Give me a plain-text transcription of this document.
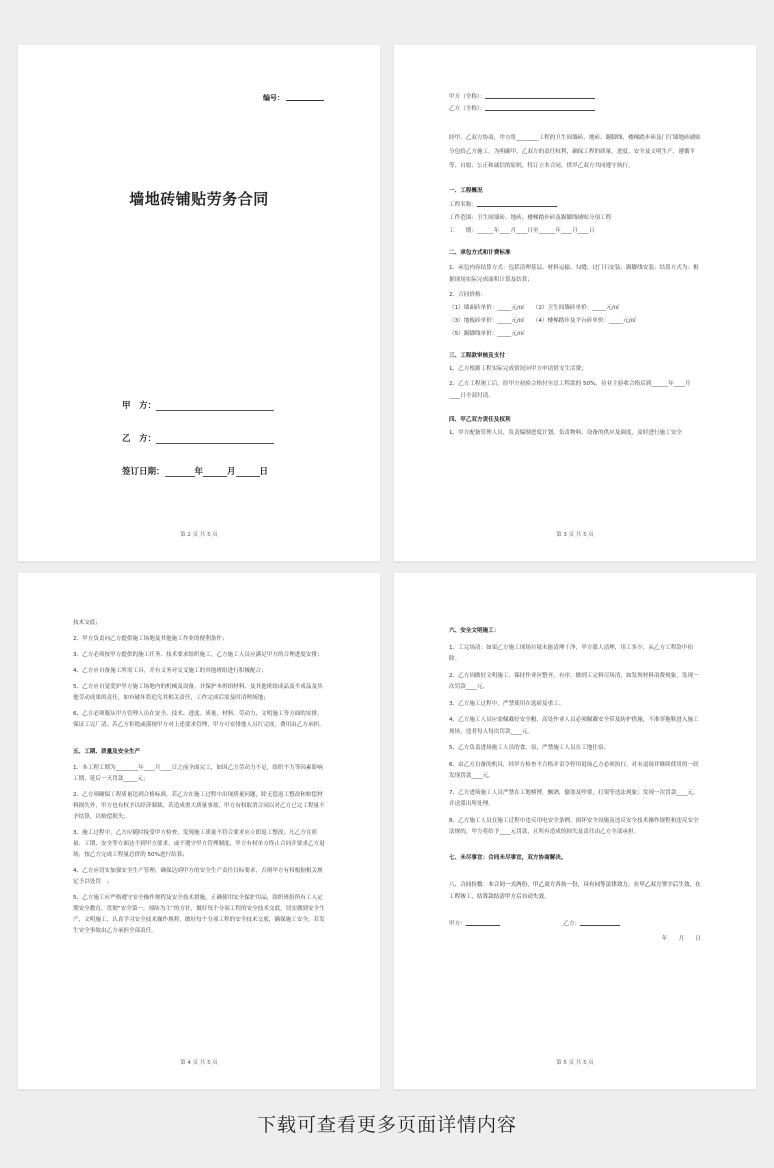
编号：
墙地砖铺贴劳务合同
甲　方：
乙　方：
签订日期：	年	月	日
第 2 页 共 5 页

甲方（全称）：

乙方（全称）：

经甲、乙双方协商，甲方将________工程的卫生间墙砖、地砖、踢脚线、楼梯踏步砖及门厅墙地砖铺贴分包给乙方施工，为明确甲、乙双方的责任权利，确保工程的质量、进度、安全及文明生产，遵循平等、自愿、公正和诚信的原则，特订立本合同，供甲乙双方共同遵守执行。

一、工程概况

工程名称：

工作范围：卫生间墙砖、地砖、楼梯踏步砖及踢脚线铺贴分项工程

工　　期：______年____月____日至______年____月____日

二、承包方式和计费标准

1、承包内容结算方式：包括清理基层、材料运输、勾缝、过门石安装、踢脚线安装；结算方式为：根据现场实际完成面积计算及结算；

2、合同价格：

（1）墙面砖单价：_____元/㎡　　（2）卫生间墙砖单价：_____元/㎡

（3）地板砖单价：_____元/㎡　　（4）楼梯踏步及平台砖单价：_____元/㎡

（5）踢脚线单价：_____元/㎡

三、工程款审核及支付

1、乙方根据工程实际完成情况向甲方申请借支生活费；

2、乙方工程竣工后，经甲方初验合格付至总工程款的 50%，待业主验收合格后到______年____月____日全部付清。

四、甲乙双方责任及权利

1、甲方配备管理人员，负责编制进度计划、负责物料、设备的供应及调度，及时进行施工安全

第 3 页 共 5 页

技术交底；

2、甲方负责向乙方提供施工场地及其他施工作业的便利条件；

3、乙方必须按甲方提供的施工任务、技术要求组织施工，乙方施工人员应满足甲方的合理进度安排；

4、乙方应自备施工所需工具，并有义务对交叉施工的其他班组进行积极配合；

5、乙方应自觉爱护甲方施工场地内的机械及设备，并保护本班组材料、及其他班组成品及半成品及其他劳动成果的责任，如有破坏将追究其相关责任，工作完成后需及时清理场地；

6、乙方必须服从甲方管理人员在安全、技术、进度、质量、材料、劳动力、文明施工等方面的安排，保证工完厂清；若乙方拒绝或漠视甲方对上述要求管理，甲方可安排他人另行完成，费用由乙方承担。

五、工期、质量及安全生产

1、本工程工期为________年____月____日之前全面完工，如因乙方劳动力不足，组织不力等因素影响工期，延后一天罚款_____元；

2、乙方须确保工程质量达到合格标准，若乙方在施工过程中出现质量问题，除无偿返工整改和赔偿材料损失外，甲方也有权予以经济制裁，若造成重大质量事故，甲方有权取消合同以对乙方已完工程量不予结算，以赔偿损失；

3、施工过程中，乙方应随时接受甲方检查，发现施工质量不符合要求应立即返工整改，凡乙方在质量、工期、安全等方面达不到甲方要求，或不遵守甲方管理制度，甲方有权单方终止合同并要求乙方退场，按乙方完成工程量总价的 50%进行结算；

4、乙方应切实加强安全生产管理，确保达到甲方的安全生产责任目标要求，否则甲方有权根据相关规定予以处罚　；

5、乙方施工应严格遵守安全操作规程及安全技术措施，正确使用安全保护用品，组织班组所有工人定期安全教育，贯彻“安全第一，预防为主”的方针，做好每个分项工程的安全技术交底，切实做到安全生产，文明施工，认真学习安全技术操作规程，做好每个分项工程的安全技术交底，确保施工安全，若发生安全事故由乙方承担全部责任。

第 4 页 共 5 页

六、安全文明施工：

1、工完场清：如果乙方施工现场垃圾未能清理干净，甲方派人清理，用工多少，从乙方工程款中扣除。

2、乙方因做好文明施工，保持作业区整齐，有序，做到工完料尽场清，如发现材料浪费现象，发现一次罚款____元。

3、乙方施工过程中，严禁使用在选砖及重工。

4、乙方施工人员应需佩戴好安全帽，高处作业人员必须佩戴安全带及防护措施，不准穿拖鞋进入施工现场，违者每人每次罚款____元。

5、乙方负责进场施工人员的食，宿，严禁施工人员在工地住宿。

6、由乙方自备的机具，经甲方检查不合格并责令停用退场乙方必须执行，对未退场并继续使用的一经发现罚款____元。

7、乙方进场施工人员严禁在工地赌博，酗酒，偷盗及吵架，打架等违法现象；发现一次罚款____元，并送派出所处理。

8、乙方施工人员在施工过程中违反用电安全条例、损坏安全设施及违反安全技术操作规程和违反安全法规的，甲方将给予____元罚款，且所有造成的损失及责任由乙方全部承担。

七、未尽事宜：合同未尽事宜，双方协商解决。

八、合同份数：本合同一式两份，甲乙双方各执一份，具有同等法律效力，在甲乙双方签字后生效，在工程竣工，结算款结清甲方后自动失效。

甲方：	乙方：

年　　月　　日

第 5 页 共 5 页
下载可查看更多页面详情内容
